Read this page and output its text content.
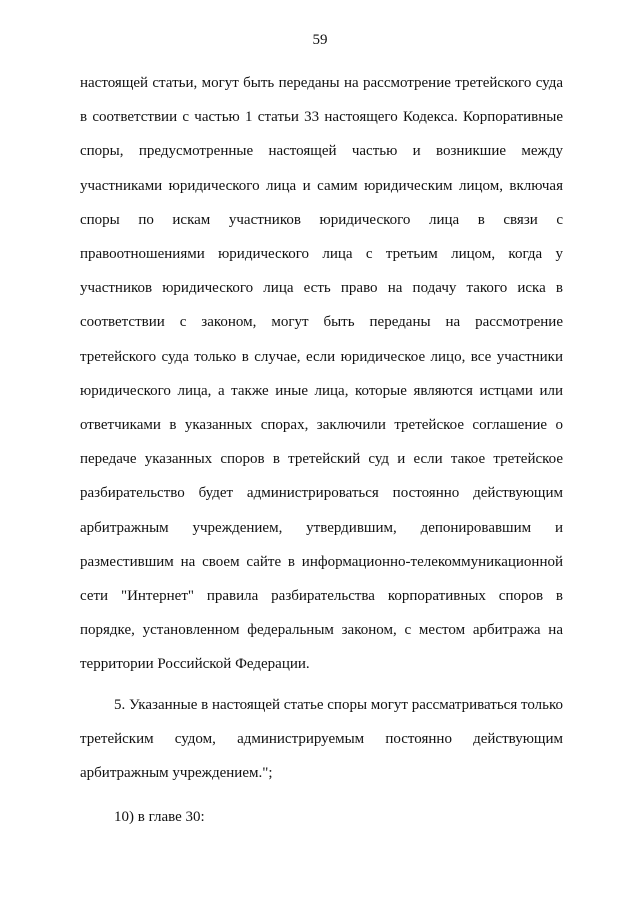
59

настоящей статьи, могут быть переданы на рассмотрение третейского суда в соответствии с частью 1 статьи 33 настоящего Кодекса. Корпоративные споры, предусмотренные настоящей частью и возникшие между участниками юридического лица и самим юридическим лицом, включая споры по искам участников юридического лица в связи с правоотношениями юридического лица с третьим лицом, когда у участников юридического лица есть право на подачу такого иска в соответствии с законом, могут быть переданы на рассмотрение третейского суда только в случае, если юридическое лицо, все участники юридического лица, а также иные лица, которые являются истцами или ответчиками в указанных спорах, заключили третейское соглашение о передаче указанных споров в третейский суд и если такое третейское разбирательство будет администрироваться постоянно действующим арбитражным учреждением, утвердившим, депонировавшим и разместившим на своем сайте в информационно-телекоммуникационной сети "Интернет" правила разбирательства корпоративных споров в порядке, установленном федеральным законом, с местом арбитража на территории Российской Федерации.

5. Указанные в настоящей статье споры могут рассматриваться только третейским судом, администрируемым постоянно действующим арбитражным учреждением.";

10) в главе 30:
